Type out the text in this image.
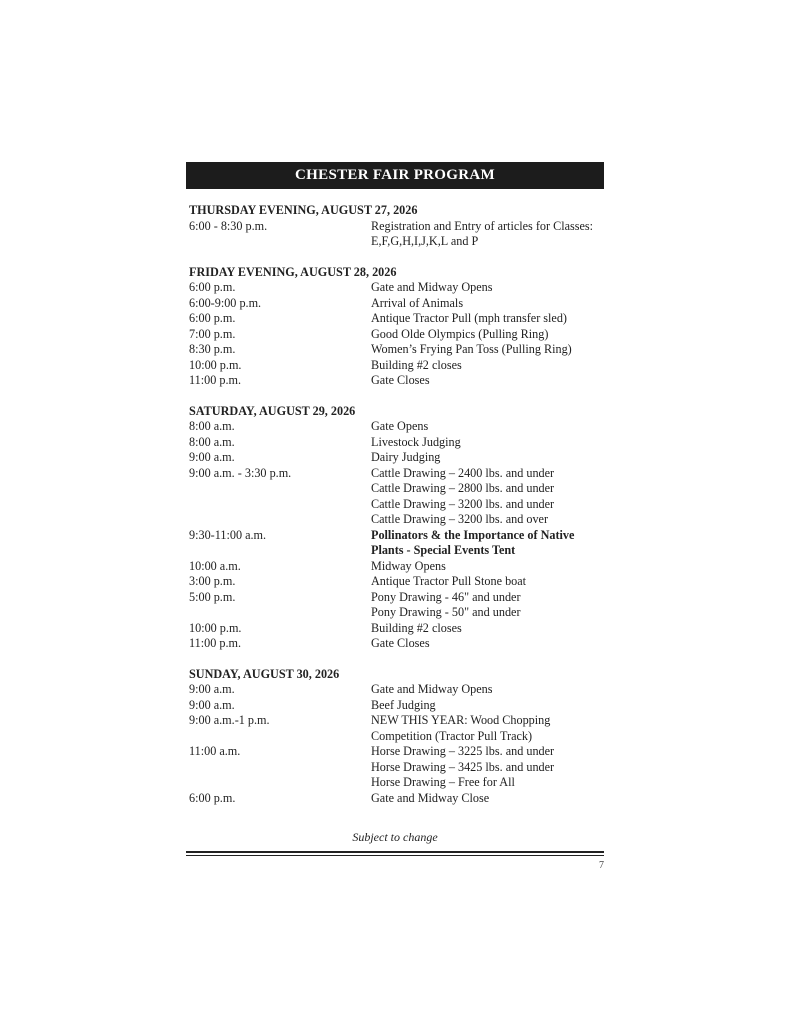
CHESTER FAIR PROGRAM
THURSDAY EVENING, AUGUST 27, 2026
6:00 - 8:30 p.m.	Registration and Entry of articles for Classes:
E,F,G,H,I,J,K,L and P
FRIDAY EVENING, AUGUST 28, 2026
6:00 p.m.	Gate and Midway Opens
6:00-9:00 p.m.	Arrival of Animals
6:00 p.m.	Antique Tractor Pull (mph transfer sled)
7:00 p.m.	Good Olde Olympics (Pulling Ring)
8:30 p.m.	Women’s Frying Pan Toss (Pulling Ring)
10:00 p.m.	Building #2 closes
11:00 p.m.	Gate Closes
SATURDAY, AUGUST 29, 2026
8:00 a.m.	Gate Opens
8:00 a.m.	Livestock Judging
9:00 a.m.	Dairy Judging
9:00 a.m. - 3:30 p.m.	Cattle Drawing – 2400 lbs. and under
Cattle Drawing – 2800 lbs. and under
Cattle Drawing – 3200 lbs. and under
Cattle Drawing – 3200 lbs. and over
9:30-11:00 a.m.	Pollinators & the Importance of Native
Plants - Special Events Tent
10:00 a.m.	Midway Opens
3:00 p.m.	Antique Tractor Pull Stone boat
5:00 p.m.	Pony Drawing - 46" and under
Pony Drawing - 50" and under
10:00 p.m.	Building #2 closes
11:00 p.m.	Gate Closes
SUNDAY, AUGUST 30, 2026
9:00 a.m.	Gate and Midway Opens
9:00 a.m.	Beef Judging
9:00 a.m.-1 p.m.	NEW THIS YEAR: Wood Chopping
Competition (Tractor Pull Track)
11:00 a.m.	Horse Drawing – 3225 lbs. and under
Horse Drawing – 3425 lbs. and under
Horse Drawing – Free for All
6:00 p.m.	Gate and Midway Close
Subject to change
7
